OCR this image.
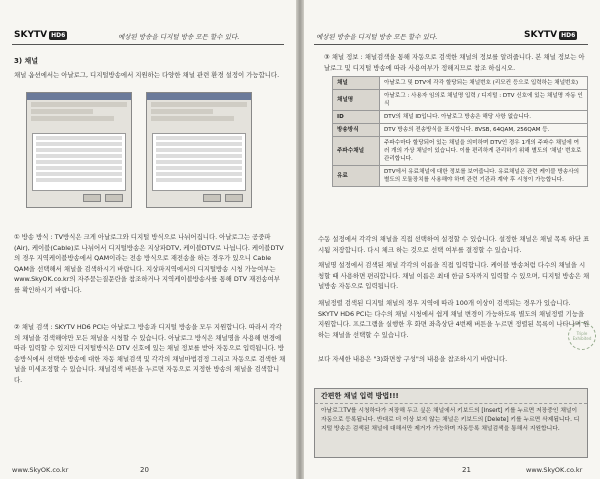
SKYTV HD6	예상된 방송을 디지털 방송 모든 할수 있다.
3) 채널
채널 옵션에서는 아날로그, 디지털방송에서 지원하는 다양한 채널 관련 환경 설정이 가능합니다.
① 방송 방식 : TV방식은 크게 아날로그와 디지털 방식으로 나뉘어집니다. 아날로그는 공중파(Air), 케이블(Cable)로 나뉘어서 디지털방송은 지상파DTV, 케이블DTV로 나뉩니다. 케이블DTV의 경우 지역케이블방송에서 QAM이라는 전송 방식으로 재전송을 하는 경우가 있으니 Cable QAM을 선택해서 채널을 검색하시기 바랍니다. 지상파지역에서의 디지털방송 시청 가능여부는 www.SkyOK.co.kr의 자주묻는질문란을 참조하거나 지역케이블방송사를 통해 DTV 재전송여부를 확인하시기 바랍니다.
② 채널 검색 : SKYTV HD6 PCI는 아날로그 방송과 디지털 방송을 모두 지원합니다. 따라서 각각의 채널을 검색해야만 모든 채널을 시청할 수 있습니다. 아날로그 방식은 채널명을 사용해 변경에 따라 입력할 수 있지만 디지털방식은 DTV 신호에 있는 채널 정보를 받아 자동으로 입력됩니다. 방송방식에서 선택한 방송에 대한 자동 채널검색 및 각각의 채널마법검정 그리고 자동으로 검색한 채널을 미세조정할 수 있습니다. 채널검색 버튼을 누르면 자동으로 지정한 방송의 채널을 검색합니다.
www.SkyOK.co.kr	20
예상된 방송을 디지털 방송 모든 할수 있다.	SKYTV HD6
③ 채널 정보 : 채널검색을 통해 자동으로 검색한 채널의 정보를 알려줍니다. 본 채널 정보는 아날로그 및 디지털 방송에 따라 사용여부가 정해지므로 참조 하십시오.
채널	아날로그 및 DTV에 각각 할당되는 채널번호 (리모컨 등으로 입력하는 채널번호)
채널명	아날로그 : 사용자 임의로 채널명 입력 / 디지털 : DTV 신호에 있는 채널명 자동 인식
ID	DTV의 채널 ID입니다. 아날로그 방송은 해당 사항 없습니다.
방송방식	DTV 방송의 전송방식을 표시합니다. 8VSB, 64QAM, 256QAM 등.
주파수채널	주파수마다 할당되어 있는 채널을 의미하며 DTV인 경우 1개의 주파수 채널에 여러 개의 가상 채널이 있습니다. 이를 편리하게 관리하기 위해 별도의 '채널' 번호로 관리합니다.
유료	DTV에서 유료채널에 대한 정보를 보여줍니다. 유료채널은 관련 케이블 방송사의 별도의 모듈장치를 사용해야 하며 관련 기관과 계약 후 시청이 가능합니다.
수동 설정에서 각각의 채널을 직접 선택하여 설정할 수 있습니다. 설정한 채널은 채널 목록 하단 표시됨 저장합니다. 다시 체크 하는 것으로 선택 여부를 결정할 수 있습니다.
채널명 설정에서 검색된 채널 각각의 이름을 직접 입력합니다. 케이블 방송처럼 다수의 채널을 시청할 때 사용하면 편리합니다. 채널 이름은 최대 한글 5자까지 입력할 수 있으며, 디지털 방송은 채널방송 자동으로 입력됩니다.
채널정렬 검색된 디지털 채널의 경우 지역에 따라 100개 이상이 검색되는 경우가 있습니다. SKYTV HD6 PCI는 다수의 채널 시청에서 쉽게 채널 변경이 가능하도록 별도의 채널정렬 기능을 지원합니다. 프로그램을 실행한 후 화면 좌측상단 4번째 버튼을 누르면 정렬된 목록이 나타나며 원하는 채널을 선택할 수 있습니다.
보다 자세한 내용은 "3)화면창 구성"의 내용을 참조하시기 바랍니다.
간편한 채널 입력 방법!!!
아날로그TV를 시청하다가 저장해 두고 싶은 채널에서 키보드의 [Insert] 키를 누르면 저장중인 채널이 자동으로 등록됩니다. 반대로 더 이상 보지 않는 채널은 키보드의 [Delete] 키를 누르면 삭제됩니다. 디지털 방송은 검색된 채널에 대해서만 제거가 가능하며 자동등록 채널검색을 통해서 지원합니다.
21	www.SkyOK.co.kr
Triple Exhibited
